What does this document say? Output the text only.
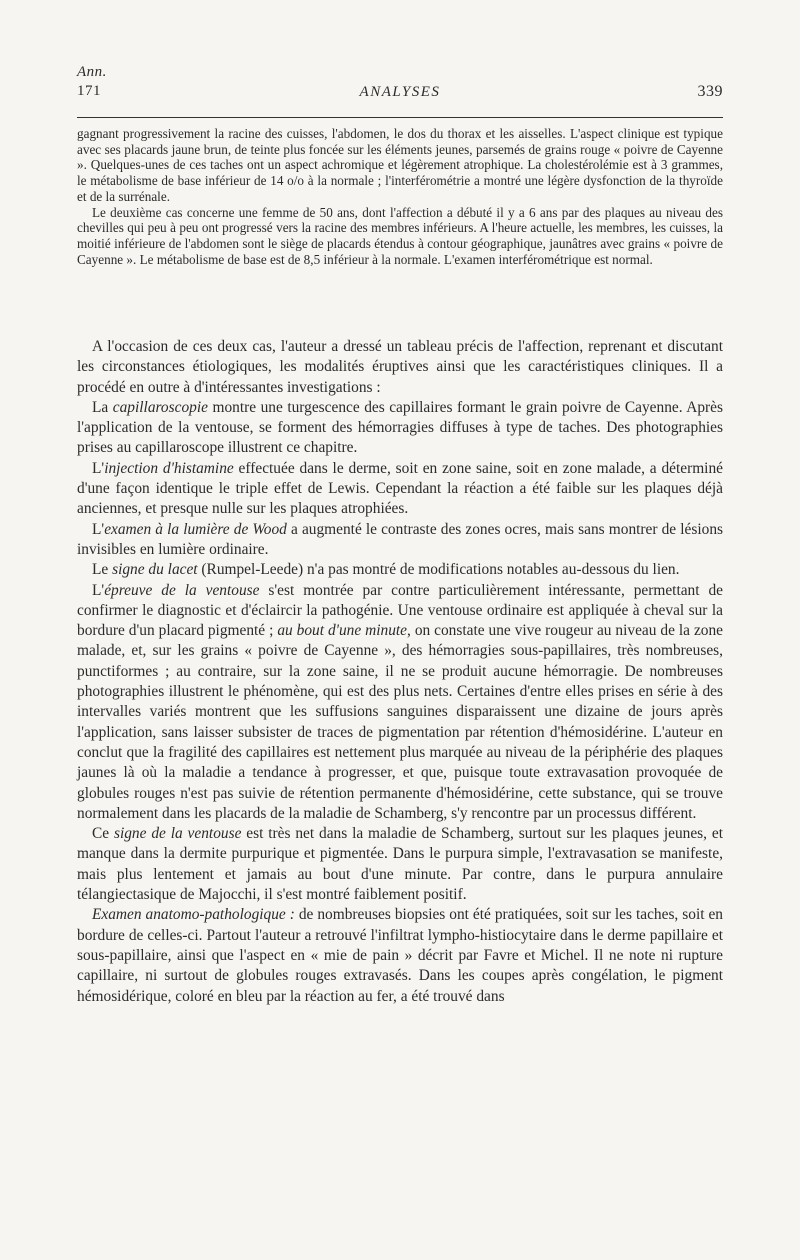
Ann.
171	ANALYSES	339

gagnant progressivement la racine des cuisses, l'abdomen, le dos du thorax et les aisselles. L'aspect clinique est typique avec ses placards jaune brun, de teinte plus foncée sur les éléments jeunes, parsemés de grains rouge « poivre de Cayenne ». Quelques-unes de ces taches ont un aspect achromique et légèrement atrophique. La cholestérolémie est à 3 grammes, le métabolisme de base inférieur de 14 o/o à la normale ; l'interférométrie a montré une légère dysfonction de la thyroïde et de la surrénale.

Le deuxième cas concerne une femme de 50 ans, dont l'affection a débuté il y a 6 ans par des plaques au niveau des chevilles qui peu à peu ont progressé vers la racine des membres inférieurs. A l'heure actuelle, les membres, les cuisses, la moitié inférieure de l'abdomen sont le siège de placards étendus à contour géographique, jaunâtres avec grains « poivre de Cayenne ». Le métabolisme de base est de 8,5 inférieur à la normale. L'examen interférométrique est normal.

A l'occasion de ces deux cas, l'auteur a dressé un tableau précis de l'affection, reprenant et discutant les circonstances étiologiques, les modalités éruptives ainsi que les caractéristiques cliniques. Il a procédé en outre à d'intéressantes investigations :

La capillaroscopie montre une turgescence des capillaires formant le grain poivre de Cayenne. Après l'application de la ventouse, se forment des hémorragies diffuses à type de taches. Des photographies prises au capillaroscope illustrent ce chapitre.

L'injection d'histamine effectuée dans le derme, soit en zone saine, soit en zone malade, a déterminé d'une façon identique le triple effet de Lewis. Cependant la réaction a été faible sur les plaques déjà anciennes, et presque nulle sur les plaques atrophiées.

L'examen à la lumière de Wood a augmenté le contraste des zones ocres, mais sans montrer de lésions invisibles en lumière ordinaire.

Le signe du lacet (Rumpel-Leede) n'a pas montré de modifications notables au-dessous du lien.

L'épreuve de la ventouse s'est montrée par contre particulièrement intéressante, permettant de confirmer le diagnostic et d'éclaircir la pathogénie. Une ventouse ordinaire est appliquée à cheval sur la bordure d'un placard pigmenté ; au bout d'une minute, on constate une vive rougeur au niveau de la zone malade, et, sur les grains « poivre de Cayenne », des hémorragies sous-papillaires, très nombreuses, punctiformes ; au contraire, sur la zone saine, il ne se produit aucune hémorragie. De nombreuses photographies illustrent le phénomène, qui est des plus nets. Certaines d'entre elles prises en série à des intervalles variés montrent que les suffusions sanguines disparaissent une dizaine de jours après l'application, sans laisser subsister de traces de pigmentation par rétention d'hémosidérine. L'auteur en conclut que la fragilité des capillaires est nettement plus marquée au niveau de la périphérie des plaques jaunes là où la maladie a tendance à progresser, et que, puisque toute extravasation provoquée de globules rouges n'est pas suivie de rétention permanente d'hémosidérine, cette substance, qui se trouve normalement dans les placards de la maladie de Schamberg, s'y rencontre par un processus différent.

Ce signe de la ventouse est très net dans la maladie de Schamberg, surtout sur les plaques jeunes, et manque dans la dermite purpurique et pigmentée. Dans le purpura simple, l'extravasation se manifeste, mais plus lentement et jamais au bout d'une minute. Par contre, dans le purpura annulaire télangiectasique de Majocchi, il s'est montré faiblement positif.

Examen anatomo-pathologique : de nombreuses biopsies ont été pratiquées, soit sur les taches, soit en bordure de celles-ci. Partout l'auteur a retrouvé l'infiltrat lympho-histiocytaire dans le derme papillaire et sous-papillaire, ainsi que l'aspect en « mie de pain » décrit par Favre et Michel. Il ne note ni rupture capillaire, ni surtout de globules rouges extravasés. Dans les coupes après congélation, le pigment hémosidérique, coloré en bleu par la réaction au fer, a été trouvé dans
